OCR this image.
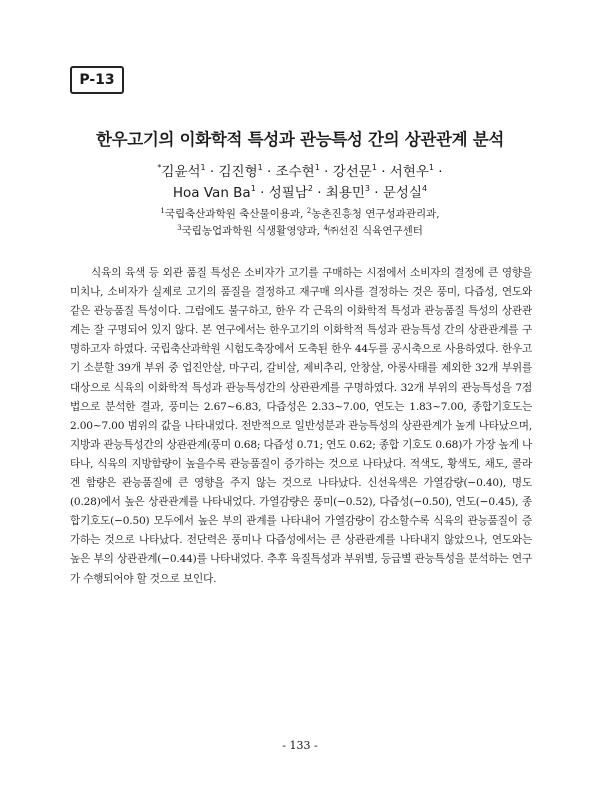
P-13
한우고기의 이화학적 특성과 관능특성 간의 상관관계 분석
*김윤석$^1$ · 김진형$^1$ · 조수현$^1$ · 강선문$^1$ · 서현우$^1$ ·
Hoa Van $Ba^1$ · 성필남$^2$ · 최용민$^3$ · 문성실$^4$
$^1$국립축산과학원 축산물이용과, $^2$농촌진흥청 연구성과관리과,
$^3$국립농업과학원 식생활영양과, $^4$㈜선진 식육연구센터
식육의 육색 등 외관 품질 특성은 소비자가 고기를 구매하는 시점에서 소비자의 결정에 큰 영향을 미치나, 소비자가 실제로 고기의 품질을 결정하고 재구매 의사를 결정하는 것은 풍미, 다즙성, 연도와 같은 관능품질 특성이다. 그럼에도 불구하고, 한우 각 근육의 이화학적 특성과 관능품질 특성의 상관관계는 잘 구명되어 있지 않다. 본 연구에서는 한우고기의 이화학적 특성과 관능특성 간의 상관관계를 구명하고자 하였다. 국립축산과학원 시험도축장에서 도축된 한우 44두를 공시축으로 사용하였다. 한우고기 소분할 39개 부위 중 업진안살, 마구리, 갈비살, 제비추리, 안창살, 아롱사태를 제외한 32개 부위를 대상으로 식육의 이화학적 특성과 관능특성간의 상관관계를 구명하였다. 32개 부위의 관능특성을 7점법으로 분석한 결과, 풍미는 2.67~6.83, 다즙성은 2.33~7.00, 연도는 1.83~7.00, 종합기호도는 2.00~7.00 범위의 값을 나타내었다. 전반적으로 일반성분과 관능특성의 상관관계가 높게 나타났으며, 지방과 관능특성간의 상관관계(풍미 0.68; 다즙성 0.71; 연도 0.62; 종합 기호도 0.68)가 가장 높게 나타나, 식육의 지방함량이 높을수록 관능품질이 증가하는 것으로 나타났다. 적색도, 황색도, 채도, 콜라겐 함량은 관능품질에 큰 영향을 주지 않는 것으로 나타났다. 신선육색은 가열감량(−0.40), 명도(0.28)에서 높은 상관관계를 나타내었다. 가열감량은 풍미(−0.52), 다즙성(−0.50), 연도(−0.45), 종합기호도(−0.50) 모두에서 높은 부의 관계를 나타내어 가열감량이 감소할수록 식육의 관능품질이 증가하는 것으로 나타났다. 전단력은 풍미나 다즙성에서는 큰 상관관계를 나타내지 않았으나, 연도와는 높은 부의 상관관계(−0.44)를 나타내었다. 추후 육질특성과 부위별, 등급별 관능특성을 분석하는 연구가 수행되어야 할 것으로 보인다.
- 133 -
